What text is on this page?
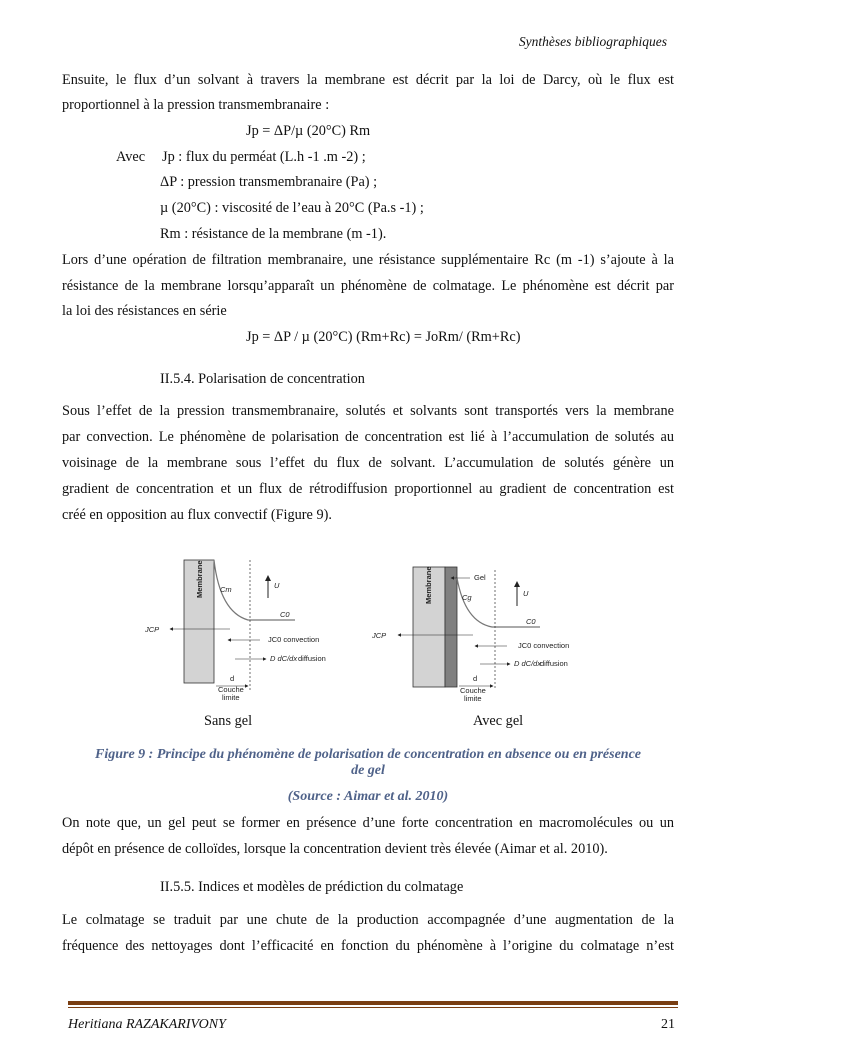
Synthèses bibliographiques
Ensuite, le flux d’un solvant à travers la membrane est décrit par la loi de Darcy, où le flux est
proportionnel à la pression transmembranaire :
Jp = ΔP/µ (20°C) Rm
Avec Jp : flux du perméat (L.h -1 .m -2) ;
ΔP : pression transmembranaire (Pa) ;
µ (20°C) : viscosité de l’eau à 20°C (Pa.s -1) ;
Rm : résistance de la membrane (m -1).
Lors d’une opération de filtration membranaire, une résistance supplémentaire Rc (m -1) s’ajoute à la
résistance de la membrane lorsqu’apparaît un phénomène de colmatage. Le phénomène est décrit par
la loi des résistances en série
Jp = ΔP / µ (20°C) (Rm+Rc) = JoRm/ (Rm+Rc)
II.5.4. Polarisation de concentration
Sous l’effet de la pression transmembranaire, solutés et solvants sont transportés vers la membrane
par convection. Le phénomène de polarisation de concentration est lié à l’accumulation de solutés au
voisinage de la membrane sous l’effet du flux de solvant. L’accumulation de solutés génère un
gradient de concentration et un flux de rétrodiffusion proportionnel au gradient de concentration est
créé en opposition au flux convectif (Figure 9).
Membrane Cm
C0
U
JCP
JC0 convection
D dC/dx diffusion
d
Couche
limite
Membrane	Gel
Cg
C0
U
JCP
JC0 convection
D dC/dx
diffusion
d
Couche
limite
Sans gel	Avec gel
Figure 9 : Principe du phénomène de polarisation de concentration en absence ou en présence
de gel
(Source : Aimar et al. 2010)
On note que, un gel peut se former en présence d’une forte concentration en macromolécules ou un
dépôt en présence de colloïdes, lorsque la concentration devient très élevée (Aimar et al. 2010).
II.5.5. Indices et modèles de prédiction du colmatage
Le colmatage se traduit par une chute de la production accompagnée d’une augmentation de la
fréquence des nettoyages dont l’efficacité en fonction du phénomène à l’origine du colmatage n’est
Heritiana RAZAKARIVONY	21
